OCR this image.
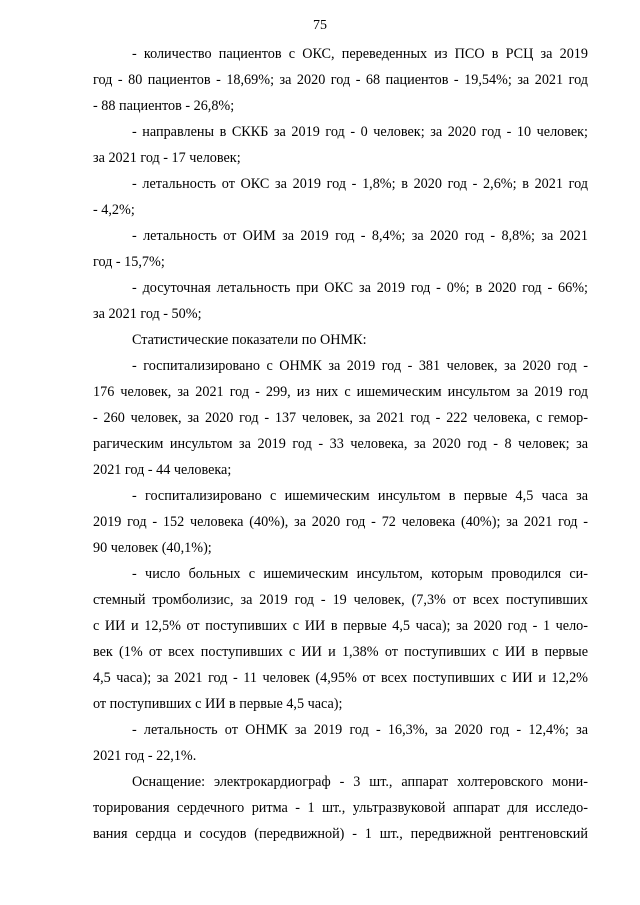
75
- количество пациентов с ОКС, переведенных из ПСО в РСЦ за 2019
год - 80 пациентов - 18,69%; за 2020 год - 68 пациентов - 19,54%; за 2021 год
- 88 пациентов - 26,8%;
- направлены в СККБ за 2019 год - 0 человек; за 2020 год - 10 человек;
за 2021 год - 17 человек;
- летальность от ОКС за 2019 год - 1,8%; в 2020 год - 2,6%; в 2021 год
- 4,2%;
- летальность от ОИМ за 2019 год - 8,4%; за 2020 год - 8,8%; за 2021
год - 15,7%;
- досуточная летальность при ОКС за 2019 год - 0%; в 2020 год - 66%;
за 2021 год - 50%;
Статистические показатели по ОНМК:
- госпитализировано с ОНМК за 2019 год - 381 человек, за 2020 год -
176 человек, за 2021 год - 299, из них с ишемическим инсультом за 2019 год
- 260 человек, за 2020 год - 137 человек, за 2021 год - 222 человека, с гемор-
рагическим инсультом за 2019 год - 33 человека, за 2020 год - 8 человек; за
2021 год - 44 человека;
- госпитализировано с ишемическим инсультом в первые 4,5 часа за
2019 год - 152 человека (40%), за 2020 год - 72 человека (40%); за 2021 год -
90 человек (40,1%);
- число больных с ишемическим инсультом, которым проводился си-
стемный тромболизис, за 2019 год - 19 человек, (7,3% от всех поступивших
с ИИ и 12,5% от поступивших с ИИ в первые 4,5 часа); за 2020 год - 1 чело-
век (1% от всех поступивших с ИИ и 1,38% от поступивших с ИИ в первые
4,5 часа); за 2021 год - 11 человек (4,95% от всех поступивших с ИИ и 12,2%
от поступивших с ИИ в первые 4,5 часа);
- летальность от ОНМК за 2019 год - 16,3%, за 2020 год - 12,4%; за
2021 год - 22,1%.
Оснащение: электрокардиограф - 3 шт., аппарат холтеровского мони-
торирования сердечного ритма - 1 шт., ультразвуковой аппарат для исследо-
вания сердца и сосудов (передвижной) - 1 шт., передвижной рентгеновский
